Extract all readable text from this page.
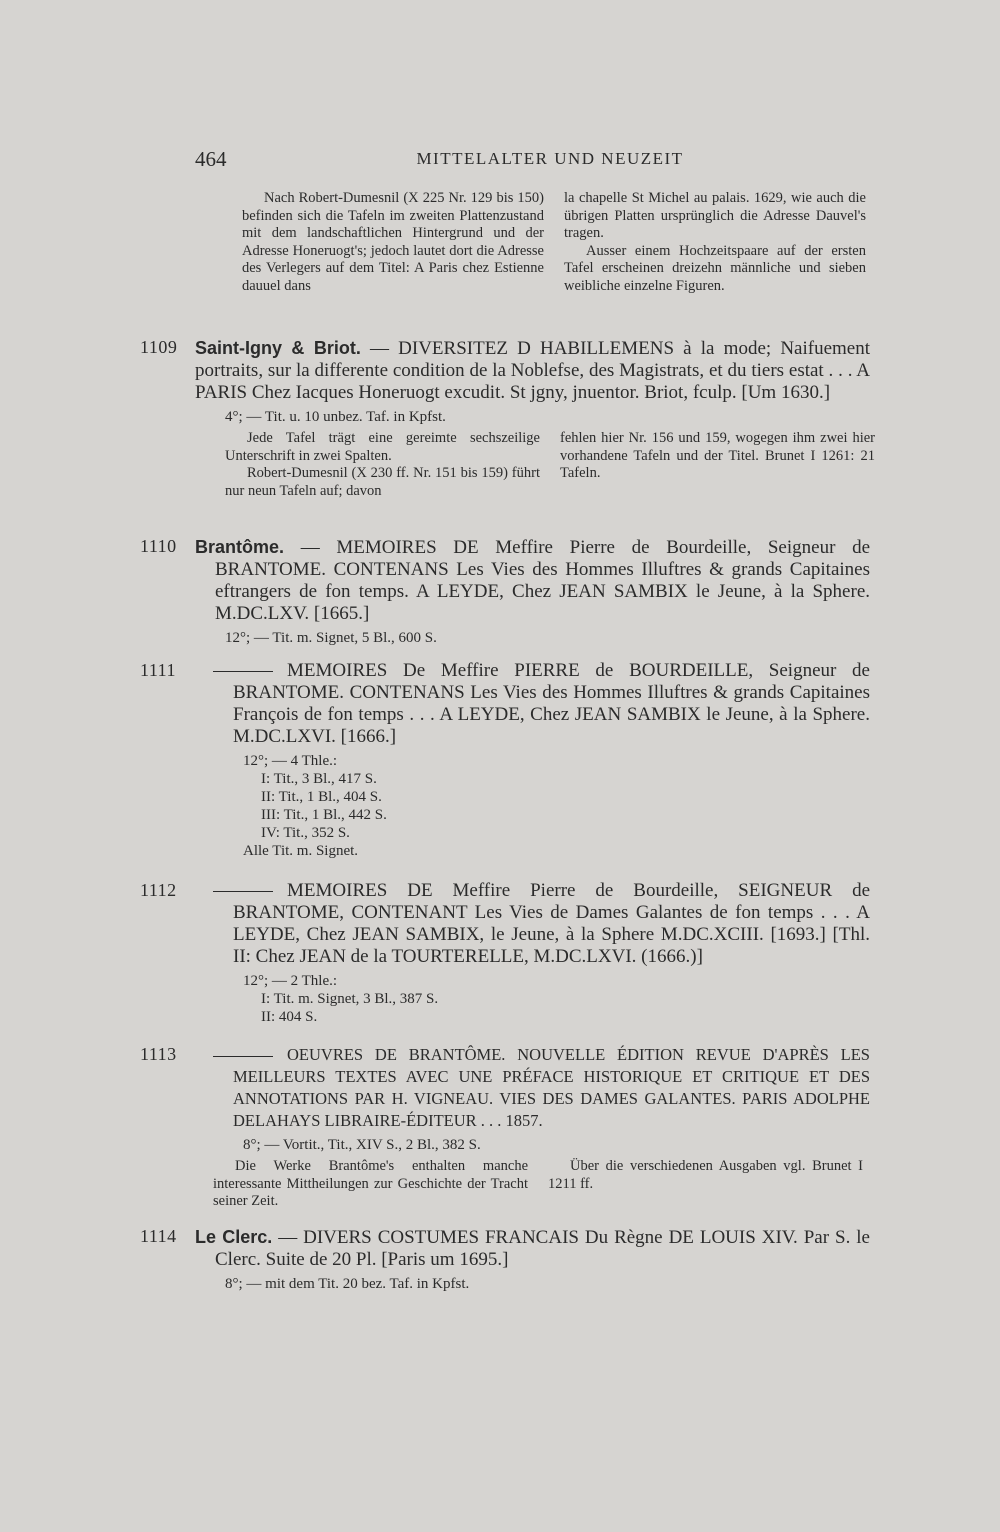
464	MITTELALTER UND NEUZEIT

Nach Robert-Dumesnil (X 225 Nr. 129 bis 150) befinden sich die Tafeln im zweiten Plattenzustand mit dem landschaftlichen Hintergrund und der Adresse Honeruogt's; jedoch lautet dort die Adresse des Verlegers auf dem Titel: A Paris chez Estienne dauuel dans

la chapelle St Michel au palais. 1629, wie auch die übrigen Platten ursprünglich die Adresse Dauvel's tragen.

Ausser einem Hochzeitspaare auf der ersten Tafel erscheinen dreizehn männliche und sieben weibliche einzelne Figuren.

1109 Saint-Igny & Briot. — DIVERSITEZ D HABILLEMENS à la mode; Naifuement portraits, sur la differente condition de la Noblefse, des Magistrats, et du tiers estat . . . A PARIS Chez Iacques Honeruogt excudit. St jgny, jnuentor. Briot, fculp. [Um 1630.]

4°; — Tit. u. 10 unbez. Taf. in Kpfst.

Jede Tafel trägt eine gereimte sechszeilige Unterschrift in zwei Spalten.

Robert-Dumesnil (X 230 ff. Nr. 151 bis 159) führt nur neun Tafeln auf; davon

fehlen hier Nr. 156 und 159, wogegen ihm zwei hier vorhandene Tafeln und der Titel. Brunet I 1261: 21 Tafeln.

1110 Brantôme. — MEMOIRES DE Meffire Pierre de Bourdeille, Seigneur de BRANTOME. CONTENANS Les Vies des Hommes Illuftres & grands Capitaines eftrangers de fon temps. A LEYDE, Chez JEAN SAMBIX le Jeune, à la Sphere. M.DC.LXV. [1665.]

12°; — Tit. m. Signet, 5 Bl., 600 S.

1111	MEMOIRES De Meffire PIERRE de BOURDEILLE, Seigneur de BRANTOME. CONTENANS Les Vies des Hommes Illuftres & grands Capitaines François de fon temps . . . A LEYDE, Chez JEAN SAMBIX le Jeune, à la Sphere. M.DC.LXVI. [1666.]

12°; — 4 Thle.:

I: Tit., 3 Bl., 417 S.

II: Tit., 1 Bl., 404 S.

III: Tit., 1 Bl., 442 S.

IV: Tit., 352 S.

Alle Tit. m. Signet.

1112	MEMOIRES DE Meffire Pierre de Bourdeille, SEIGNEUR de BRANTOME, CONTENANT Les Vies de Dames Galantes de fon temps . . . A LEYDE, Chez JEAN SAMBIX, le Jeune, à la Sphere M.DC.XCIII. [1693.] [Thl. II: Chez JEAN de la TOURTERELLE, M.DC.LXVI. (1666.)]

12°; — 2 Thle.:

I: Tit. m. Signet, 3 Bl., 387 S.

II: 404 S.

1113	OEUVRES DE BRANTÔME. NOUVELLE ÉDITION REVUE D'APRÈS LES MEILLEURS TEXTES AVEC UNE PRÉFACE HISTORIQUE ET CRITIQUE ET DES ANNOTATIONS PAR H. VIGNEAU. VIES DES DAMES GALANTES. PARIS ADOLPHE DELAHAYS LIBRAIRE-ÉDITEUR . . . 1857.

8°; — Vortit., Tit., XIV S., 2 Bl., 382 S.

Die Werke Brantôme's enthalten manche interessante Mittheilungen zur Geschichte der Tracht seiner Zeit.

Über die verschiedenen Ausgaben vgl. Brunet I 1211 ff.

1114 Le Clerc. — DIVERS COSTUMES FRANCAIS Du Règne DE LOUIS XIV. Par S. le Clerc. Suite de 20 Pl. [Paris um 1695.]

8°; — mit dem Tit. 20 bez. Taf. in Kpfst.
